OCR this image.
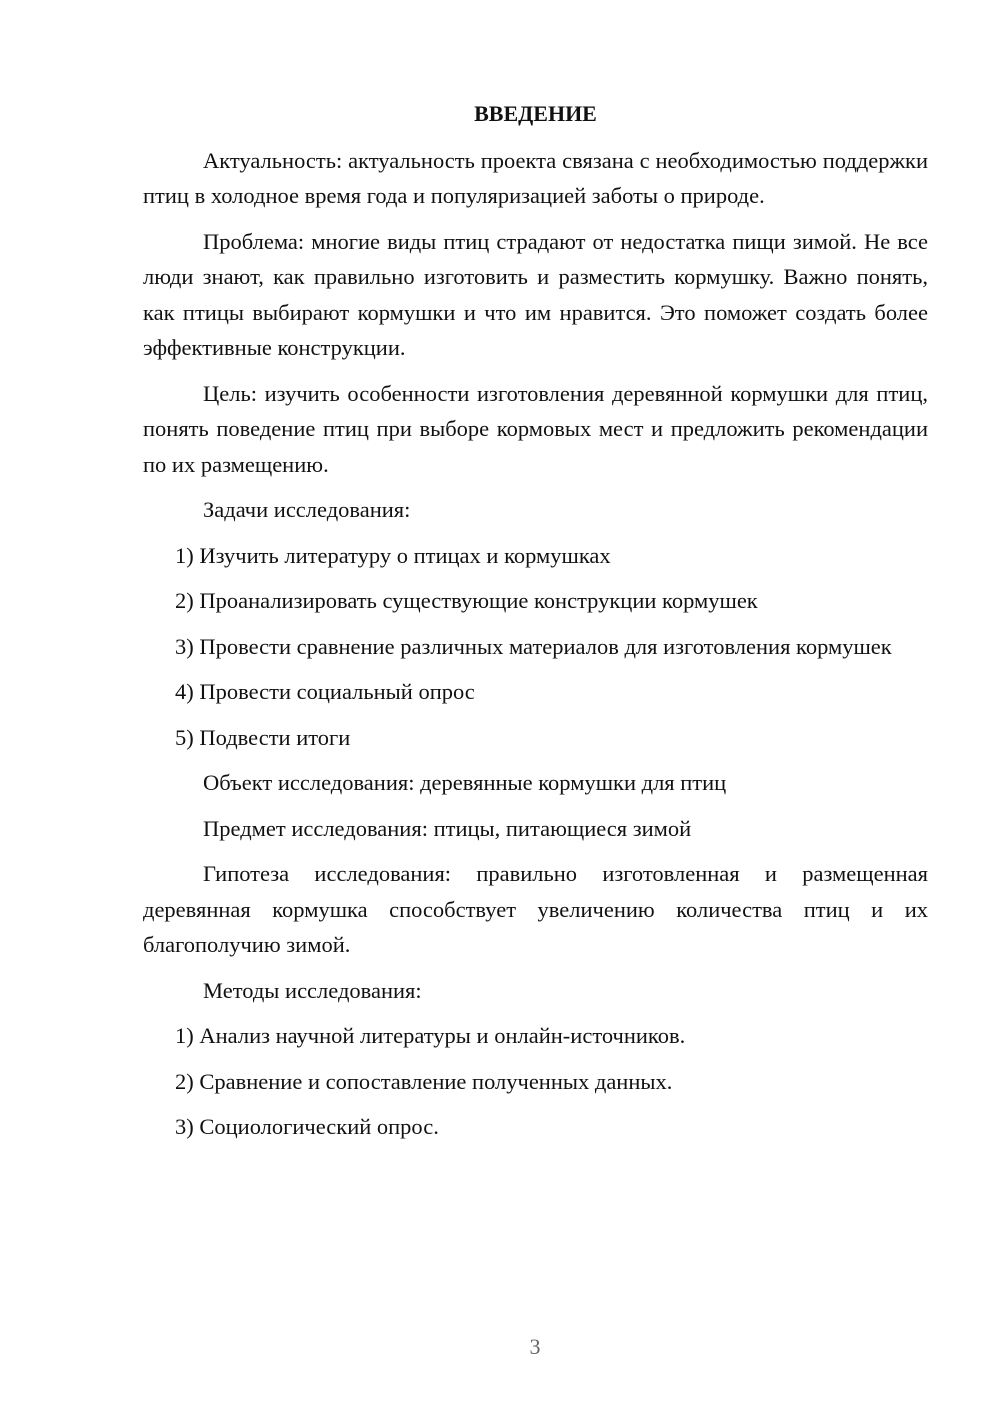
ВВЕДЕНИЕ

Актуальность: актуальность проекта связана с необходимостью поддержки птиц в холодное время года и популяризацией заботы о природе.

Проблема: многие виды птиц страдают от недостатка пищи зимой. Не все люди знают, как правильно изготовить и разместить кормушку. Важно понять, как птицы выбирают кормушки и что им нравится. Это поможет создать более эффективные конструкции.

Цель: изучить особенности изготовления деревянной кормушки для птиц, понять поведение птиц при выборе кормовых мест и предложить рекомендации по их размещению.

Задачи исследования:

1) Изучить литературу о птицах и кормушках

2) Проанализировать существующие конструкции кормушек

3) Провести сравнение различных материалов для изготовления кормушек

4) Провести социальный опрос

5) Подвести итоги

Объект исследования: деревянные кормушки для птиц

Предмет исследования: птицы, питающиеся зимой

Гипотеза исследования: правильно изготовленная и размещенная деревянная кормушка способствует увеличению количества птиц и их благополучию зимой.

Методы исследования:

1) Анализ научной литературы и онлайн-источников.

2) Сравнение и сопоставление полученных данных.

3) Социологический опрос.

3
